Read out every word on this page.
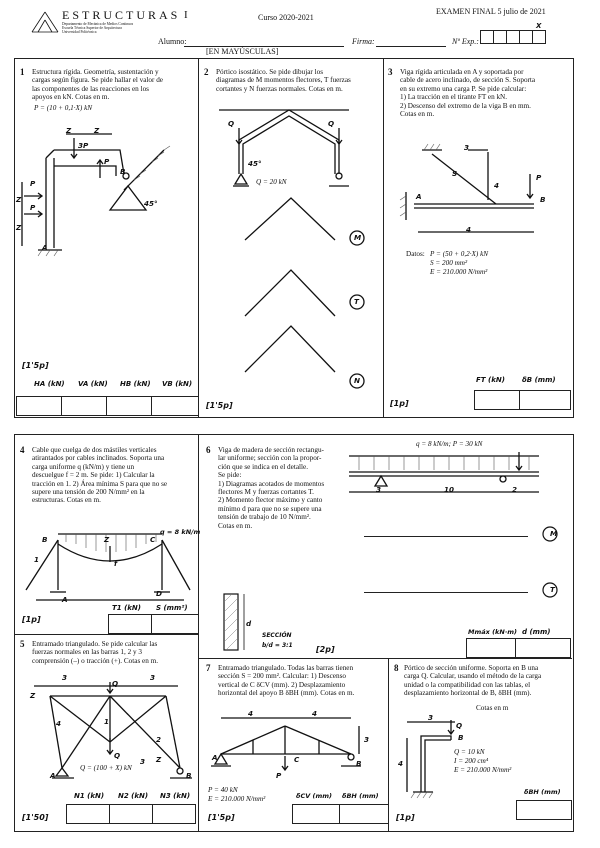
ESTRUCTURAS I
Departamento de Mecánica de Medios Continuos
Escuela Técnica Superior de Arquitectura
Universidad Politécnica
Curso 2020-2021
EXAMEN FINAL 5 julio de 2021
Alumno:
[EN MAYÚSCULAS]
Firma:	Nº Exp.:
X
1 Estructura rígida. Geometría, sustentación y
cargas según figura. Se pide hallar el valor de
las componentes de las reacciones en los
apoyos en kN. Cotas en m.
P = (10 + 0,1·X) kN
Z	Z
3P
P
P
P
B
45°
A
Z
Z
[1'5p]
HA (kN) VA (kN) HB (kN) VB (kN)
2 Pórtico isostático. Se pide dibujar los
diagramas de M momentos flectores, T fuerzas
cortantes y N fuerzas normales. Cotas en m.
Q	Q
45°
Q = 20 kN
M
T
N
[1'5p]
3 Viga rígida articulada en A y soportada por
cable de acero inclinado, de sección S. Soporta
en su extremo una carga P. Se pide calcular:
1) La tracción en el tirante FT en kN.
2) Descenso del extremo de la viga B en mm.
Cotas en m.
3
S
4
P
A	B
4
Datos: P = (50 + 0,2·X) kN
S = 200 mm²
E = 210.000 N/mm²
[1p]
FT (kN) δB (mm)
4 Cable que cuelga de dos mástiles verticales
atirantados por cables inclinados. Soporta una
carga uniforme q (kN/m) y tiene un
descuelgue f = 2 m. Se pide: 1) Calcular la
tracción en 1. 2) Área mínima S para que no se
supere una tensión de 200 N/mm² en la
estructuras. Cotas en m.
q = 8 kN/m
Z
1	f
B	C
D
A
[1p]
T1 (kN) S (mm²)
5 Entramado triangulado. Se pide calcular las
fuerzas normales en las barras 1, 2 y 3
comprensión (–) o tracción (+). Cotas en m.
3	3
Q
Z
4	1
2
3 Z
Q
Q = (100 + X) kN
A	B
[1'50]
N1 (kN) N2 (kN) N3 (kN)
6 Viga de madera de sección rectangu-
lar uniforme; sección con la propor-
ción que se indica en el detalle.
Se pide:
1) Diagramas acotados de momentos
flectores M y fuerzas cortantes T.
2) Momento flector máximo y canto
mínimo d para que no se supere una
tensión de trabajo de 10 N/mm².
Cotas en m.
q = 8 kN/m; P = 30 kN
3	10	2
M
T
d
SECCIÓN
b/d = 3:1	[2p]
Mmáx (kN·m) d (mm)
7 Entramado triangulado. Todas las barras tienen
sección S = 200 mm². Calcular: 1) Descenso
vertical de C δCV (mm). 2) Desplazamiento
horizontal del apoyo B δBH (mm). Cotas en m.
4	4
3
A	C	B
P
P = 40 kN
E = 210.000 N/mm²
[1'5p]
δCV (mm) δBH (mm)
8 Pórtico de sección uniforme. Soporta en B una
carga Q. Calcular, usando el método de la carga
unidad o la compatibilidad con las tablas, el
desplazamiento horizontal de B, δBH (mm).
Cotas en m
3
Q
B
4
Q = 10 kN
I = 200 cm⁴
E = 210.000 N/mm²
[1p]
δBH (mm)
